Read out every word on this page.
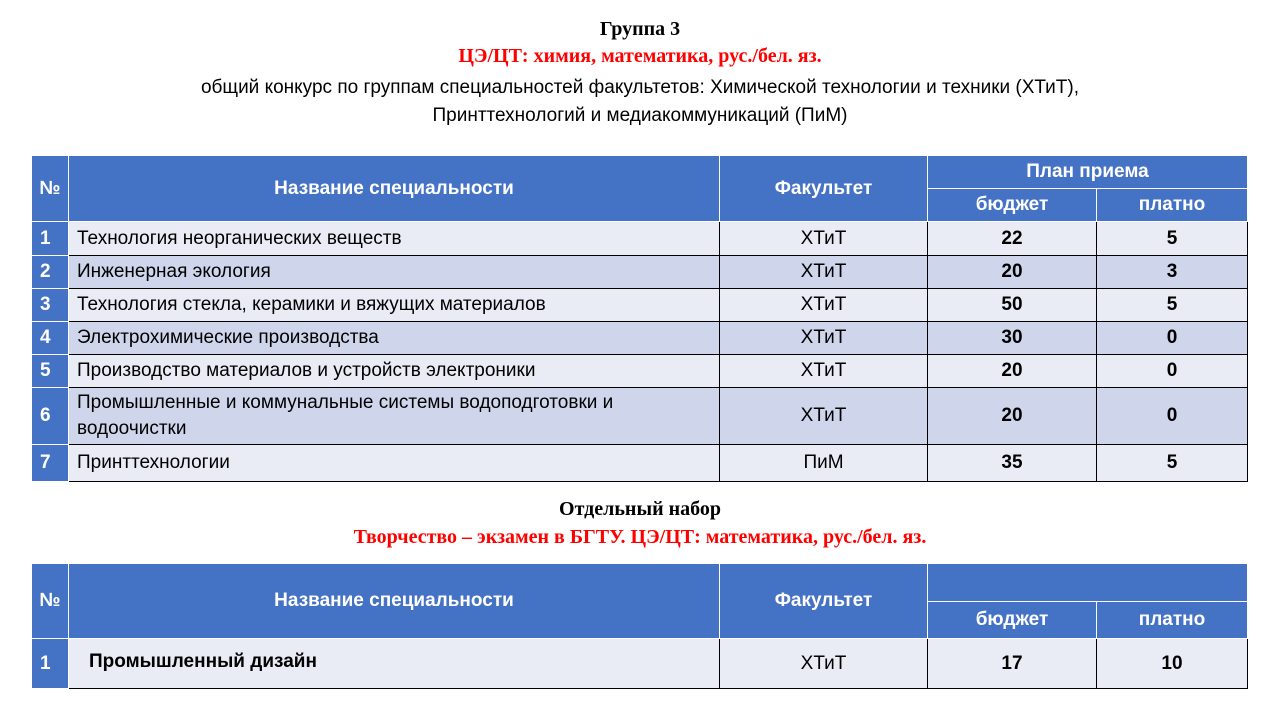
Группа 3
ЦЭ/ЦТ: химия, математика, рус./бел. яз.
общий конкурс по группам специальностей факультетов: Химической технологии и техники (ХТиТ),
Принттехнологий и медиакоммуникаций (ПиМ)
№	Название специальности	Факультет	План приема	
			бюджет	платно
1	Технология неорганических веществ	ХТиТ	22	5
2	Инженерная экология	ХТиТ	20	3
3	Технология стекла, керамики и вяжущих материалов	ХТиТ	50	5
4	Электрохимические производства	ХТиТ	30	0
5	Производство материалов и устройств электроники	ХТиТ	20	0
6	Промышленные и коммунальные системы водоподготовки и водоочистки	ХТиТ	20	0
7	Принттехнологии	ПиМ	35	5
Отдельный набор
Творчество – экзамен в БГТУ. ЦЭ/ЦТ: математика, рус./бел. яз.
№	Название специальности	Факультет		
			бюджет	платно
1	Промышленный дизайн	ХТиТ	17	10
